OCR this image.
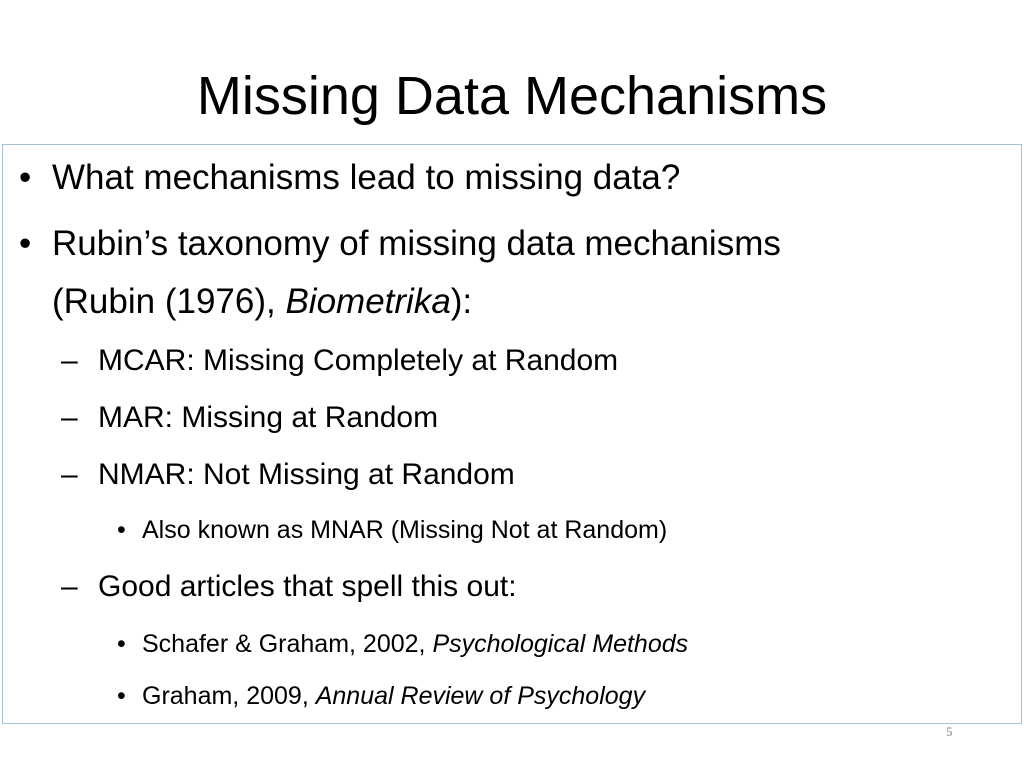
Missing Data Mechanisms
• What mechanisms lead to missing data?
• Rubin’s taxonomy of missing data mechanisms
(Rubin (1976), Biometrika):
– MCAR: Missing Completely at Random
– MAR: Missing at Random
– NMAR: Not Missing at Random
• Also known as MNAR (Missing Not at Random)
– Good articles that spell this out:
• Schafer & Graham, 2002, Psychological Methods
• Graham, 2009, Annual Review of Psychology
5
